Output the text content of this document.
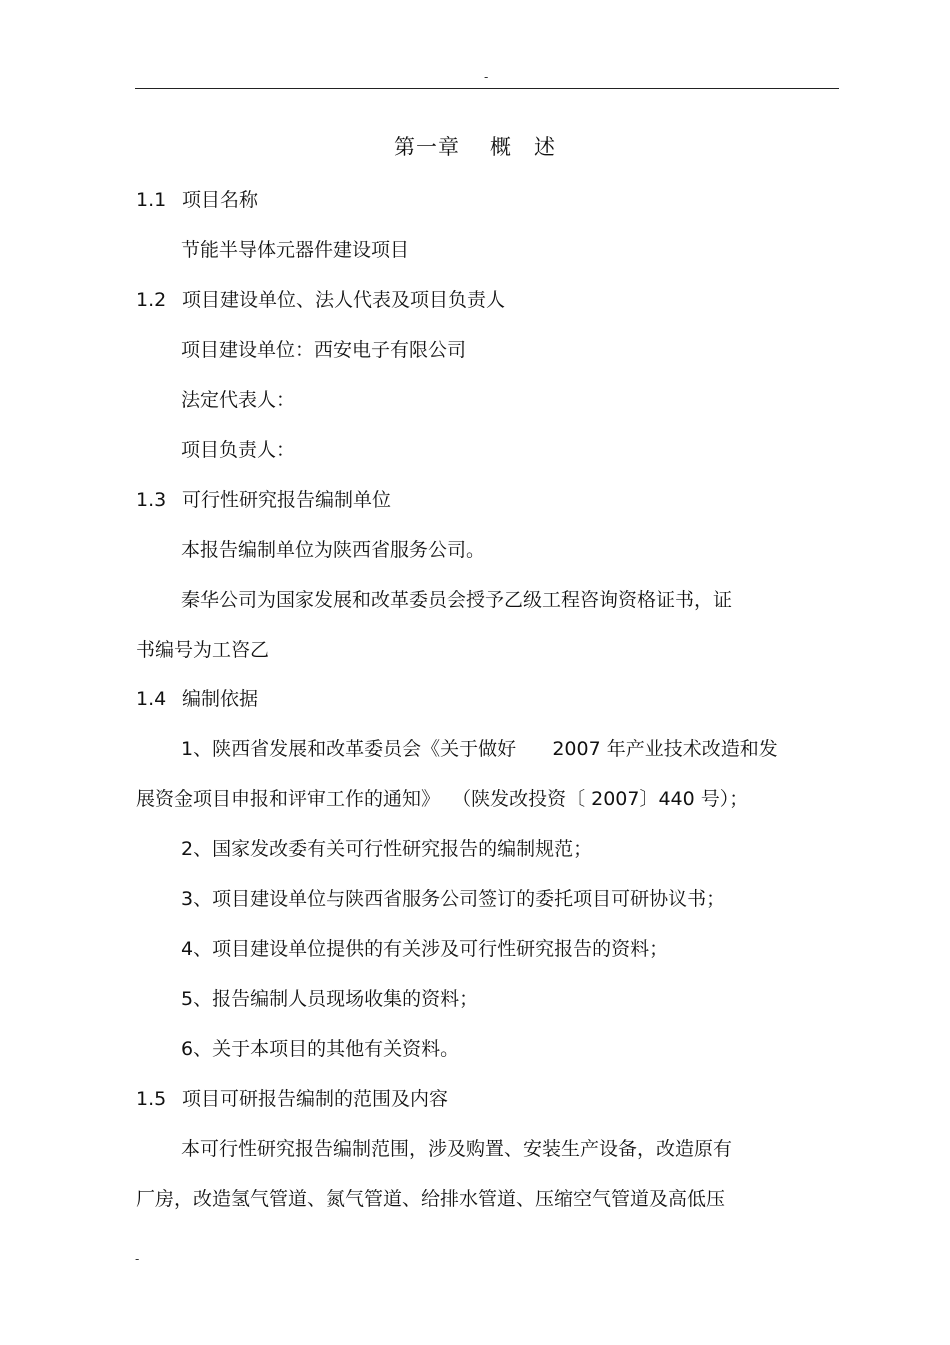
-
第一章 概 述
1.1 项目名称
节能半导体元器件建设项目
1.2 项目建设单位、法人代表及项目负责人
项目建设单位：西安电子有限公司
法定代表人：
项目负责人：
1.3 可行性研究报告编制单位
本报告编制单位为陕西省服务公司。
秦华公司为国家发展和改革委员会授予乙级工程咨询资格证书，证
书编号为工咨乙
1.4 编制依据
1、陕西省发展和改革委员会《关于做好      2007 年产业技术改造和发
展资金项目申报和评审工作的通知》  （陕发改投资〔 2007〕440 号）；
2、国家发改委有关可行性研究报告的编制规范；
3、项目建设单位与陕西省服务公司签订的委托项目可研协议书；
4、项目建设单位提供的有关涉及可行性研究报告的资料；
5、报告编制人员现场收集的资料；
6、关于本项目的其他有关资料。
1.5 项目可研报告编制的范围及内容
本可行性研究报告编制范围，涉及购置、安装生产设备，改造原有
厂房，改造氢气管道、氮气管道、给排水管道、压缩空气管道及高低压
-
